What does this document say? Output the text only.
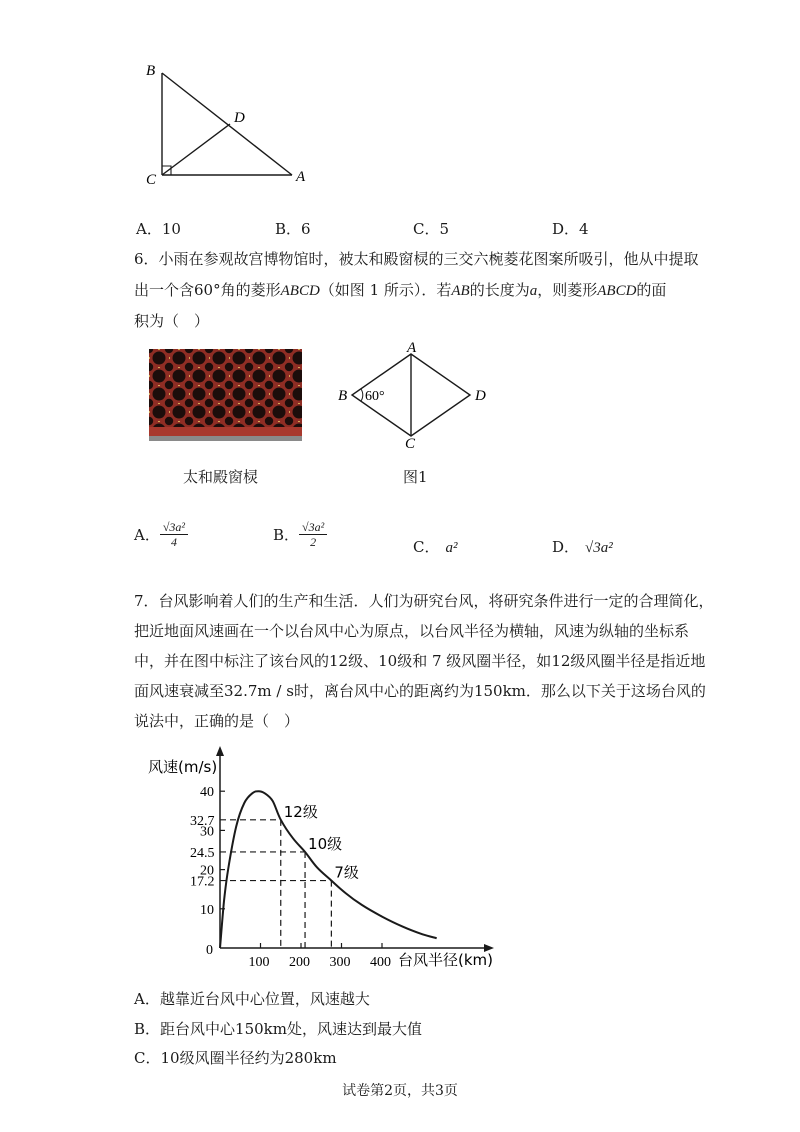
B
D
C	A
A．10	B．6	C．5	D．4
6．小雨在参观故宫博物馆时，被太和殿窗棂的三交六椀菱花图案所吸引，他从中提取
出一个含60°角的菱形ABCD（如图 1 所示）．若AB的长度为a，则菱形ABCD的面
积为（　）
太和殿窗棂
A
B 60°
C
D
图1
A． $\frac{\text{√3a²}}{4}$	B． $\frac{\text{√3a²}}{2}$	C． a²	D． √3a²
7．台风影响着人们的生产和生活．人们为研究台风，将研究条件进行一定的合理简化，
把近地面风速画在一个以台风中心为原点，以台风半径为横轴，风速为纵轴的坐标系
中，并在图中标注了该台风的12级、10级和 7 级风圈半径，如12级风圈半径是指近地
面风速衰减至32.7m / s时，离台风中心的距离约为150km．那么以下关于这场台风的
说法中，正确的是（　）
100 200 300 400
10
20
30
40
17.2
24.5
32.7
12级
10级
7级
风速(m/s)
台风半径(km)
0
A．越靠近台风中心位置，风速越大
B．距台风中心150km处，风速达到最大值
C．10级风圈半径约为280km
试卷第2页，共3页
